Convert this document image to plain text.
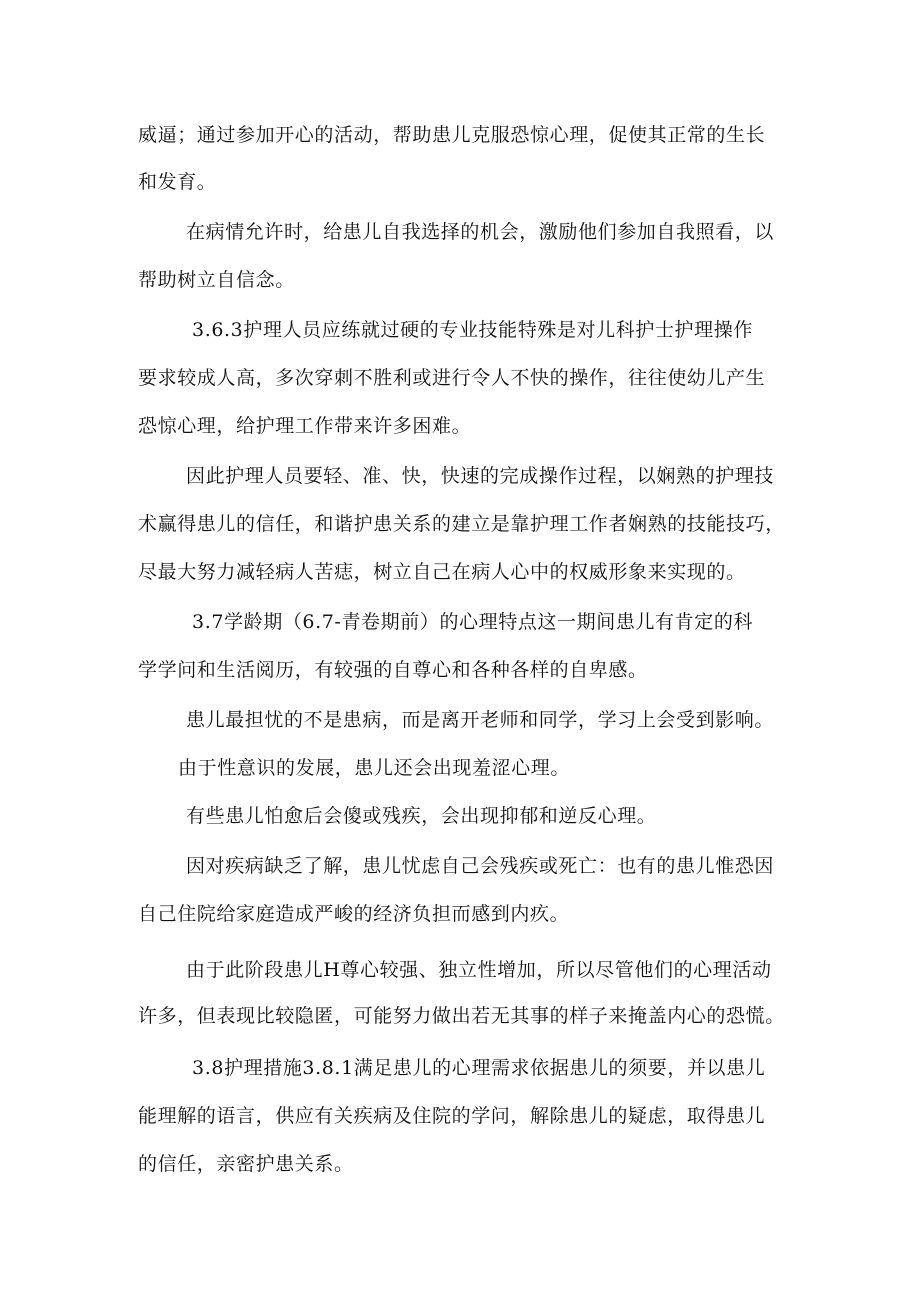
威逼；通过参加开心的活动，帮助患儿克服恐惊心理，促使其正常的生长
和发育。
在病情允许时，给患儿自我选择的机会，激励他们参加自我照看，以
帮助树立自信念。
3.6.3护理人员应练就过硬的专业技能特殊是对儿科护士护理操作
要求较成人高，多次穿刺不胜利或进行令人不快的操作，往往使幼儿产生
恐惊心理，给护理工作带来许多困难。
因此护理人员要轻、准、快，快速的完成操作过程，以娴熟的护理技
术赢得患儿的信任，和谐护患关系的建立是靠护理工作者娴熟的技能技巧，
尽最大努力减轻病人苦痣，树立自己在病人心中的权威形象来实现的。
3.7学龄期（6.7-青卷期前）的心理特点这一期间患儿有肯定的科
学学问和生活阅历，有较强的自尊心和各种各样的自卑感。
患儿最担忧的不是患病，而是离开老师和同学，学习上会受到影响。
由于性意识的发展，患儿还会出现羞涩心理。
有些患儿怕愈后会傻或残疾，会出现抑郁和逆反心理。
因对疾病缺乏了解，患儿忧虑自己会残疾或死亡：也有的患儿惟恐因
自己住院给家庭造成严峻的经济负担而感到内疚。
由于此阶段患儿H尊心较强、独立性增加，所以尽管他们的心理活动
许多，但表现比较隐匿，可能努力做出若无其事的样子来掩盖内心的恐慌。
3.8护理措施3.8.1满足患儿的心理需求依据患儿的须要，并以患儿
能理解的语言，供应有关疾病及住院的学问，解除患儿的疑虑，取得患儿
的信任，亲密护患关系。
